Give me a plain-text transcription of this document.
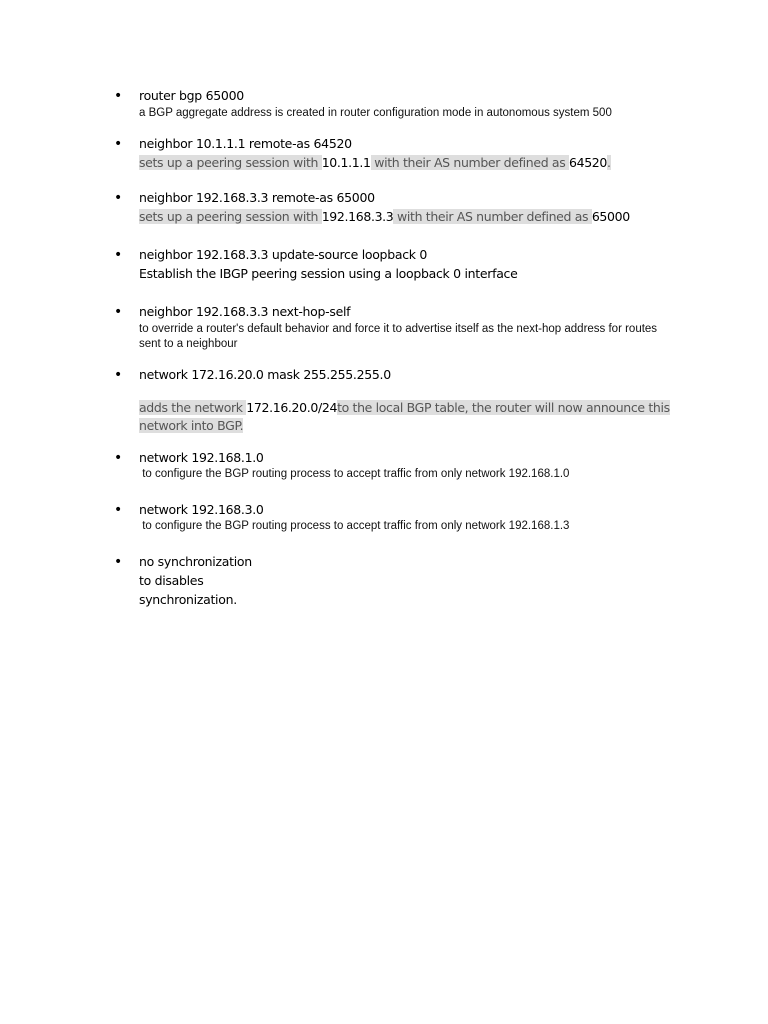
• router bgp 65000
a BGP aggregate address is created in router configuration mode in autonomous system 500
• neighbor 10.1.1.1 remote-as 64520
sets up a peering session with 10.1.1.1 with their AS number defined as 64520.
• neighbor 192.168.3.3 remote-as 65000
sets up a peering session with 192.168.3.3 with their AS number defined as 65000
• neighbor 192.168.3.3 update-source loopback 0
Establish the IBGP peering session using a loopback 0 interface
• neighbor 192.168.3.3 next-hop-self
to override a router's default behavior and force it to advertise itself as the next-hop address for routes
sent to a neighbour
• network 172.16.20.0 mask 255.255.255.0
adds the network 172.16.20.0/24to the local BGP table, the router will now announce this
network into BGP.
• network 192.168.1.0
to configure the BGP routing process to accept traffic from only network 192.168.1.0
• network 192.168.3.0
to configure the BGP routing process to accept traffic from only network 192.168.1.3
• no synchronization
to disables
synchronization.
